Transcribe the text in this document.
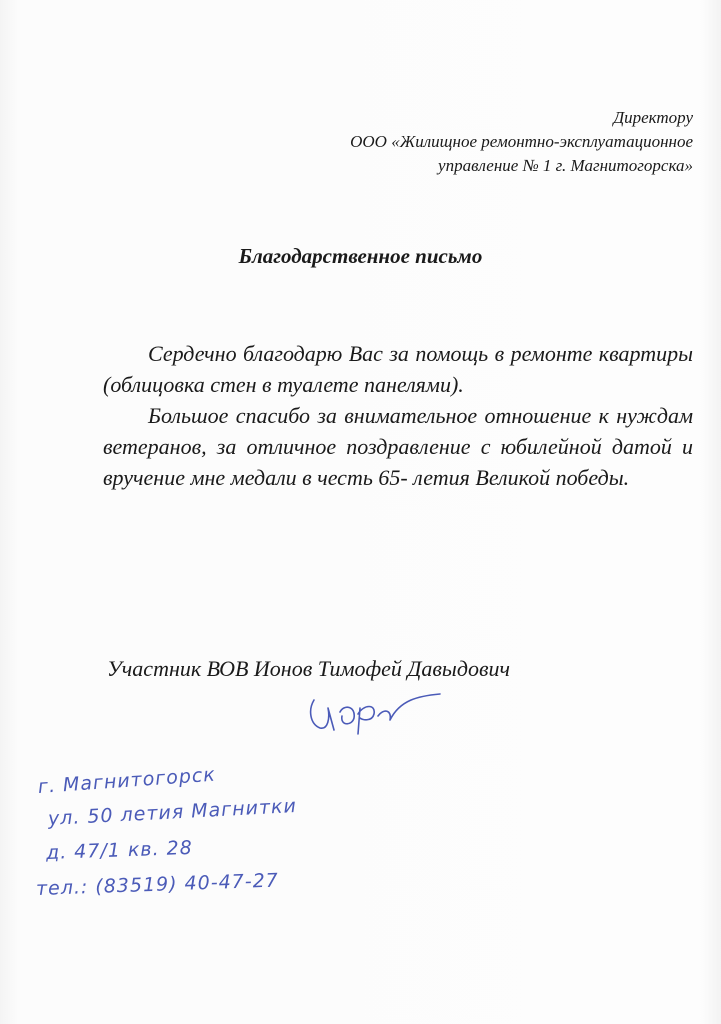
Директору
ООО «Жилищное ремонтно-эксплуатационное
управление № 1 г. Магнитогорска»
Благодарственное письмо

Сердечно благодарю Вас за помощь в ремонте квартиры (облицовка стен в туалете панелями).

Большое спасибо за внимательное отношение к нуждам ветеранов, за отличное поздравление с юбилейной датой и вручение мне медали в честь 65- летия Великой победы.

Участник ВОВ Ионов Тимофей Давыдович
г. Магнитогорск
ул. 50 летия Магнитки
д. 47/1 кв. 28
тел.: (83519) 40-47-27
